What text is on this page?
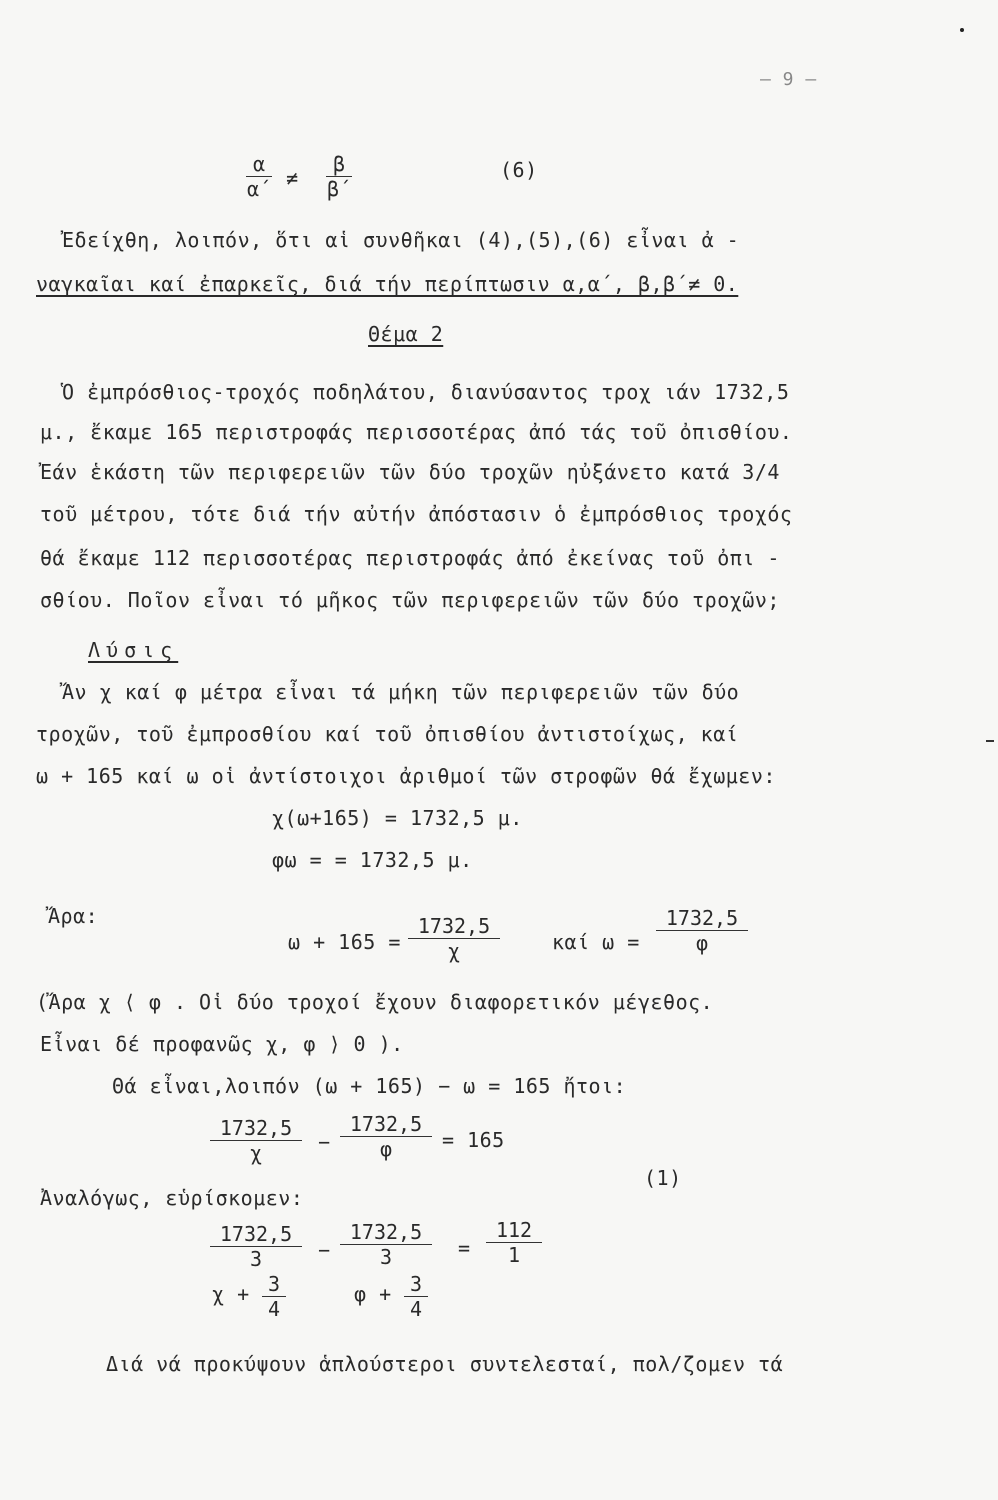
— 9 —
$\frac{\alpha}{\alpha΄} \ne \frac{\beta}{\beta΄}$	(6)
Ἐδείχθη, λοιπόν, ὅτι αἱ συνθῆκαι (4),(5),(6) εἶναι ἀ -
ναγκαῖαι καί ἐπαρκεῖς, διά τήν περίπτωσιν α,α΄, β,β΄≠ 0.
Θέμα 2
Ὁ ἐμπρόσθιος-τροχός ποδηλάτου, διανύσαντος τροχ ιάν 1732,5
μ., ἔκαμε 165 περιστροφάς περισσοτέρας ἀπό τάς τοῦ ὀπισθίου.
Ἐάν ἑκάστη τῶν περιφερειῶν τῶν δύο τροχῶν ηὐξάνετο κατά 3/4
τοῦ μέτρου, τότε διά τήν αὐτήν ἀπόστασιν ὁ ἐμπρόσθιος τροχός
θά ἔκαμε 112 περισσοτέρας περιστροφάς ἀπό ἐκείνας τοῦ ὀπι -
σθίου. Ποῖον εἶναι τό μῆκος τῶν περιφερειῶν τῶν δύο τροχῶν;
Λύσις
Ἄν χ καί φ μέτρα εἶναι τά μήκη τῶν περιφερειῶν τῶν δύο
τροχῶν, τοῦ ἐμπροσθίου καί τοῦ ὀπισθίου ἀντιστοίχως, καί
ω + 165 καί ω οἱ ἀντίστοιχοι ἀριθμοί τῶν στροφῶν θά ἔχωμεν:
χ(ω+165) = 1732,5 μ.
φω = = 1732,5 μ.
Ἄρα:
$\omega + 165 = \frac{1732,5}{\chi}$	καί $\omega = \frac{1732,5}{\varphi}$
(Ἄρα χ ⟨ φ . Οἱ δύο τροχοί ἔχουν διαφορετικόν μέγεθος.
Εἶναι δέ προφανῶς χ, φ ⟩ 0 ).
Θά εἶναι,λοιπόν (ω + 165) − ω = 165 ἤτοι:
$\frac{1732,5}{\chi} - \frac{1732,5}{\varphi} = 165$
(1)
Ἀναλόγως, εὑρίσκομεν:
$\frac{1732,5}{3}$
$\chi + \frac{3}{4}$
− $\frac{1732,5}{3}$
$\varphi + \frac{3}{4}$
= $\frac{112}{1}$
Διά νά προκύψουν ἁπλούστεροι συντελεσταί, πολ/ζομεν τά
